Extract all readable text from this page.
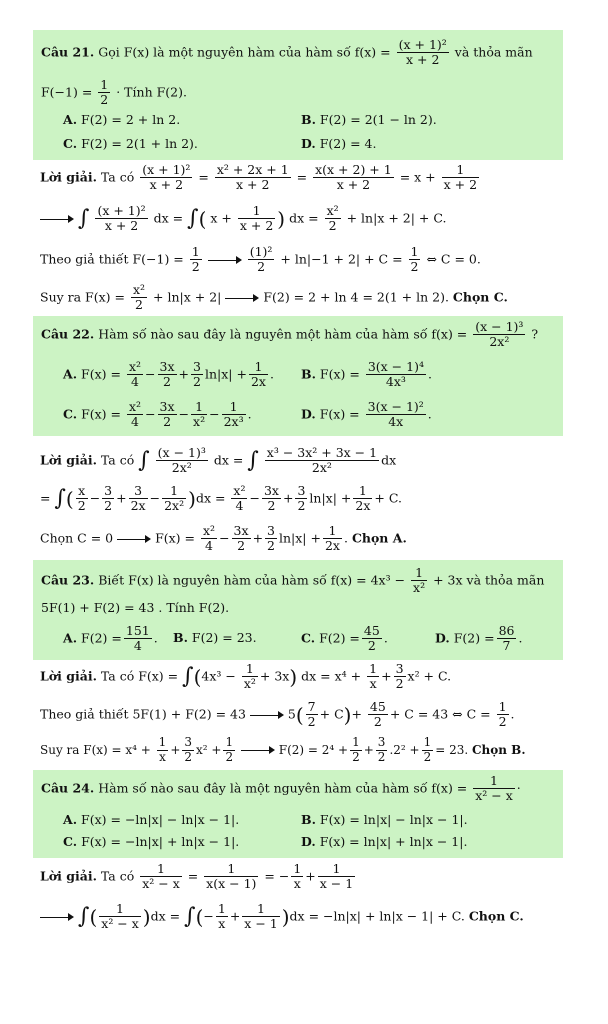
Câu 21. Gọi F(x) là một nguyên hàm của hàm số $f(x) = \frac{\text{(x + 1)²}}{x + 2}$ và thỏa mãn
$F(-1) = \frac{1}{2}$ · Tính F(2).
A. F(2) = 2 + ln 2.	B. F(2) = 2(1 − ln 2).
C. F(2) = 2(1 + ln 2).	D. F(2) = 4.
Lời giải. Ta có $\frac{\text{(x + 1)²}}{x + 2} = \frac{\text{x² + 2x + 1}}{x + 2} = \frac{x(x + 2) + 1}{x + 2} = x + \frac{1}{x + 2}$
∫ $\frac{\text{(x + 1)²}}{x + 2}$ dx = ∫( $x + \frac{1}{x + 2}$ ) dx = $\frac{\text{x²}}{2} + \ln|x + 2| + C$.
Theo giả thiết $F(-1) = \frac{1}{2}$
	$\frac{\text{(1)²}}{2} + \ln|-1 + 2| + C = \frac{1}{2}$ ⇔ C = 0.
Suy ra $F(x) = \frac{\text{x²}}{2} + \ln|x + 2|$	F(2) = 2 + ln 4 = 2(1 + ln 2). Chọn C.
Câu 22. Hàm số nào sau đây là nguyên một hàm của hàm số $f(x) = \frac{\text{(x − 1)³}}{\text{2x²}}$ ?
A. $F(x) = \frac{\text{x²}}{4} - \frac{3x}{2} + \frac{3}{2} \ln|x| + \frac{1}{2x}$ . B. $F(x) = \frac{\text{3(x − 1)⁴}}{\text{4x³}}$ .
C. $F(x) = \frac{\text{x²}}{4} - \frac{3x}{2} - \frac{1}{\text{x²}} - \frac{1}{\text{2x³}}$ .	D. $F(x) = \frac{\text{3(x − 1)²}}{4x}$ .
Lời giải. Ta có ∫ $\frac{\text{(x − 1)³}}{\text{2x²}}$ dx = ∫ $\frac{\text{x³ − 3x² + 3x − 1}}{\text{2x²}}$ dx
= ∫( $\frac{x}{2} - \frac{3}{2} + \frac{3}{2x} - \frac{1}{\text{2x²}} )dx = \frac{\text{x²}}{4} - \frac{3x}{2} + \frac{3}{2} \ln|x| + \frac{1}{2x} + C$.
Chọn C = 0	$F(x) = \frac{\text{x²}}{4} - \frac{3x}{2} + \frac{3}{2} \ln|x| + \frac{1}{2x}$ . Chọn A.
Câu 23. Biết F(x) là nguyên hàm của hàm số $f(x) = 4x^3 - \frac{1}{\text{x²}} + 3x$ và thỏa mãn
5F(1) + F(2) = 43 . Tính F(2).
A. $F(2) = \frac{151}{4}$ . B. F(2) = 23.	C. $F(2) = \frac{45}{2}$ .	D. $F(2) = \frac{86}{7}$ .
Lời giải. Ta có $F(x) = \int(4x^3 - \frac{1}{\text{x²}} + 3x)$ dx = $x^4 + \frac{1}{x} + \frac{3}{2} x^2 + C$.
Theo giả thiết 5F(1) + F(2) = 43	$5( \frac{7}{2} + C)+ \frac{45}{2} + C = 43$ ⇔ $C = \frac{1}{2}$ .
Suy ra $F(x) = x^4 + \frac{1}{x} + \frac{3}{2} x^2 + \frac{1}{2}$	$F(2) = 2^4 + \frac{1}{2} + \frac{3}{2} .2^2 + \frac{1}{2} = 23$. Chọn B.
Câu 24. Hàm số nào sau đây là một nguyên hàm của hàm số $f(x) = \frac{1}{\text{x² − x}}$ ·
A. F(x) = −ln|x| − ln|x − 1|.	B. F(x) = ln|x| − ln|x − 1|.
C. F(x) = −ln|x| + ln|x − 1|.	D. F(x) = ln|x| + ln|x − 1|.
Lời giải. Ta có $\frac{1}{\text{x² − x}} = \frac{1}{x(x - 1)}$ = − $\frac{1}{x} + \frac{1}{x - 1}$
∫( $\frac{1}{\text{x² − x}} )dx$ = ∫(− $\frac{1}{x} + \frac{1}{x - 1} )dx = -\ln|x| + \ln|x - 1| + C$. Chọn C.
